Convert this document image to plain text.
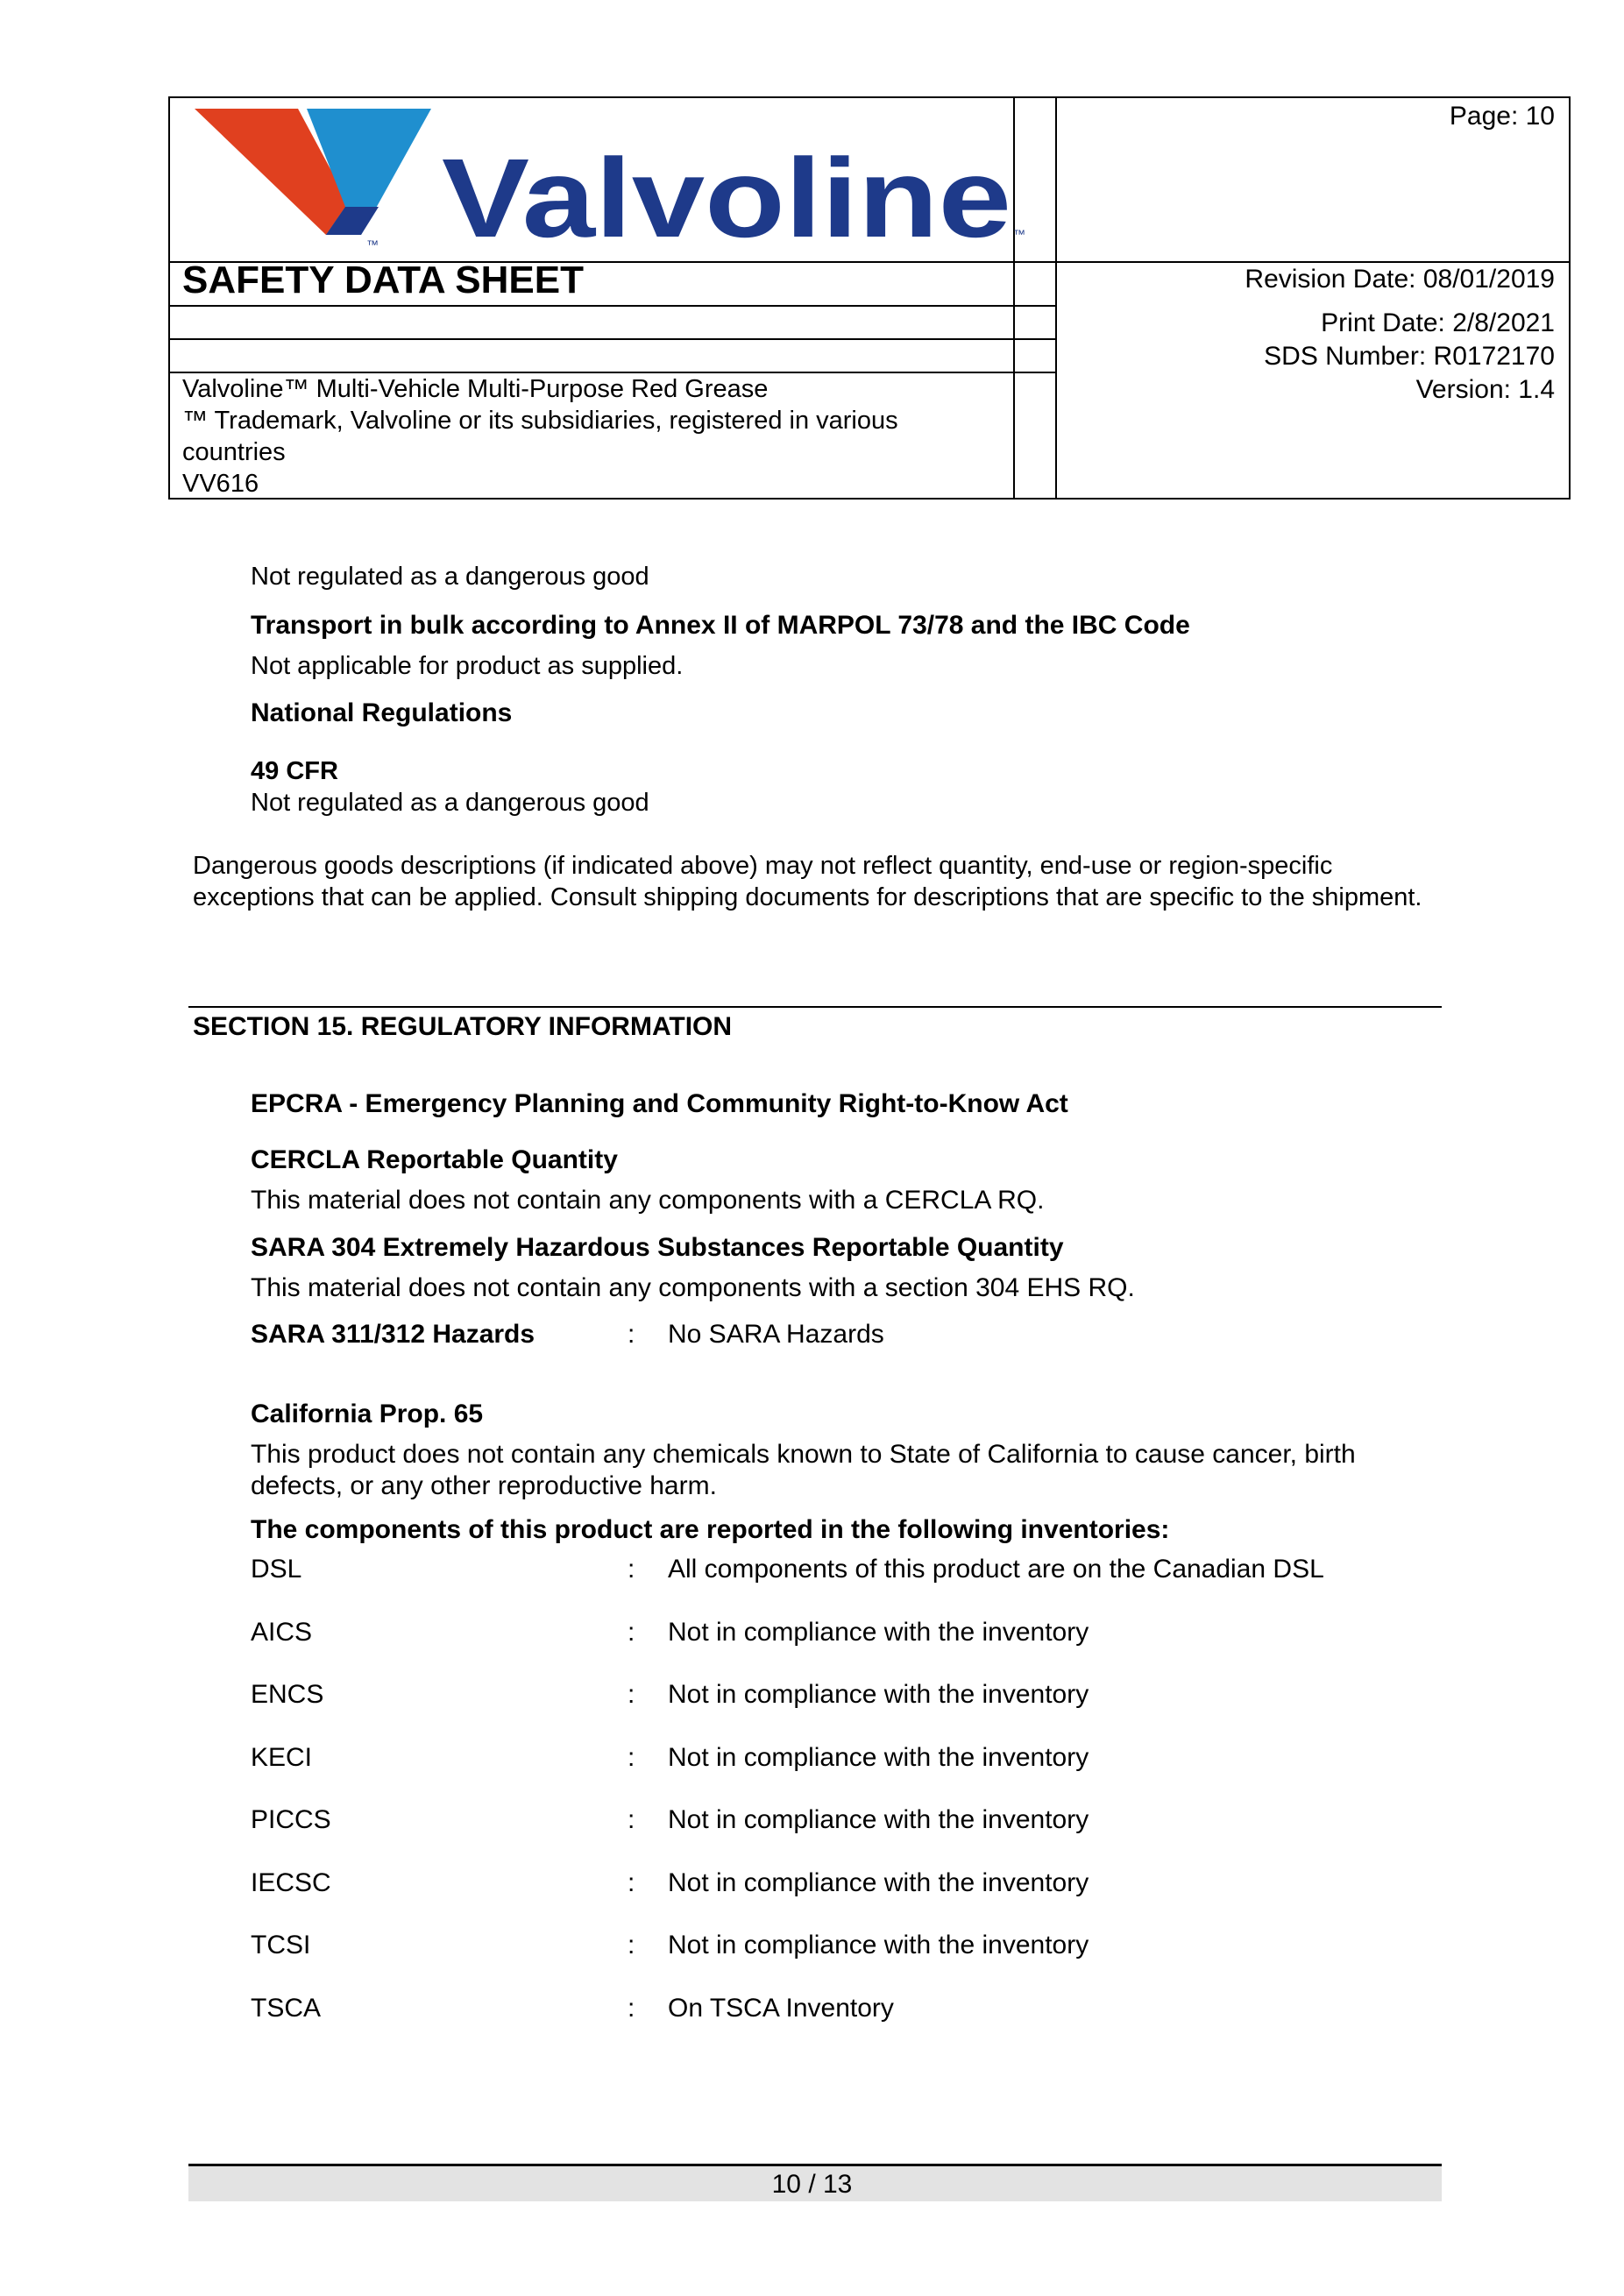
™ Valvoline ™
SAFETY DATA SHEET
Page: 10
Revision Date: 08/01/2019
Print Date: 2/8/2021
SDS Number: R0172170
Version: 1.4
Valvoline™ Multi-Vehicle Multi-Purpose Red Grease
™ Trademark, Valvoline or its subsidiaries, registered in various countries
VV616
Not regulated as a dangerous good
Transport in bulk according to Annex II of MARPOL 73/78 and the IBC Code
Not applicable for product as supplied.
National Regulations
49 CFR
Not regulated as a dangerous good
Dangerous goods descriptions (if indicated above) may not reflect quantity, end-use or region-specific exceptions that can be applied. Consult shipping documents for descriptions that are specific to the shipment.
SECTION 15. REGULATORY INFORMATION
EPCRA - Emergency Planning and Community Right-to-Know Act
CERCLA Reportable Quantity
This material does not contain any components with a CERCLA RQ.
SARA 304 Extremely Hazardous Substances Reportable Quantity
This material does not contain any components with a section 304 EHS RQ.
SARA 311/312 Hazards	: No SARA Hazards
California Prop. 65
This product does not contain any chemicals known to State of California to cause cancer, birth defects, or any other reproductive harm.
The components of this product are reported in the following inventories:
DSL	: All components of this product are on the Canadian DSL
AICS	: Not in compliance with the inventory
ENCS	: Not in compliance with the inventory
KECI	: Not in compliance with the inventory
PICCS	: Not in compliance with the inventory
IECSC	: Not in compliance with the inventory
TCSI	: Not in compliance with the inventory
TSCA	: On TSCA Inventory
10 / 13
